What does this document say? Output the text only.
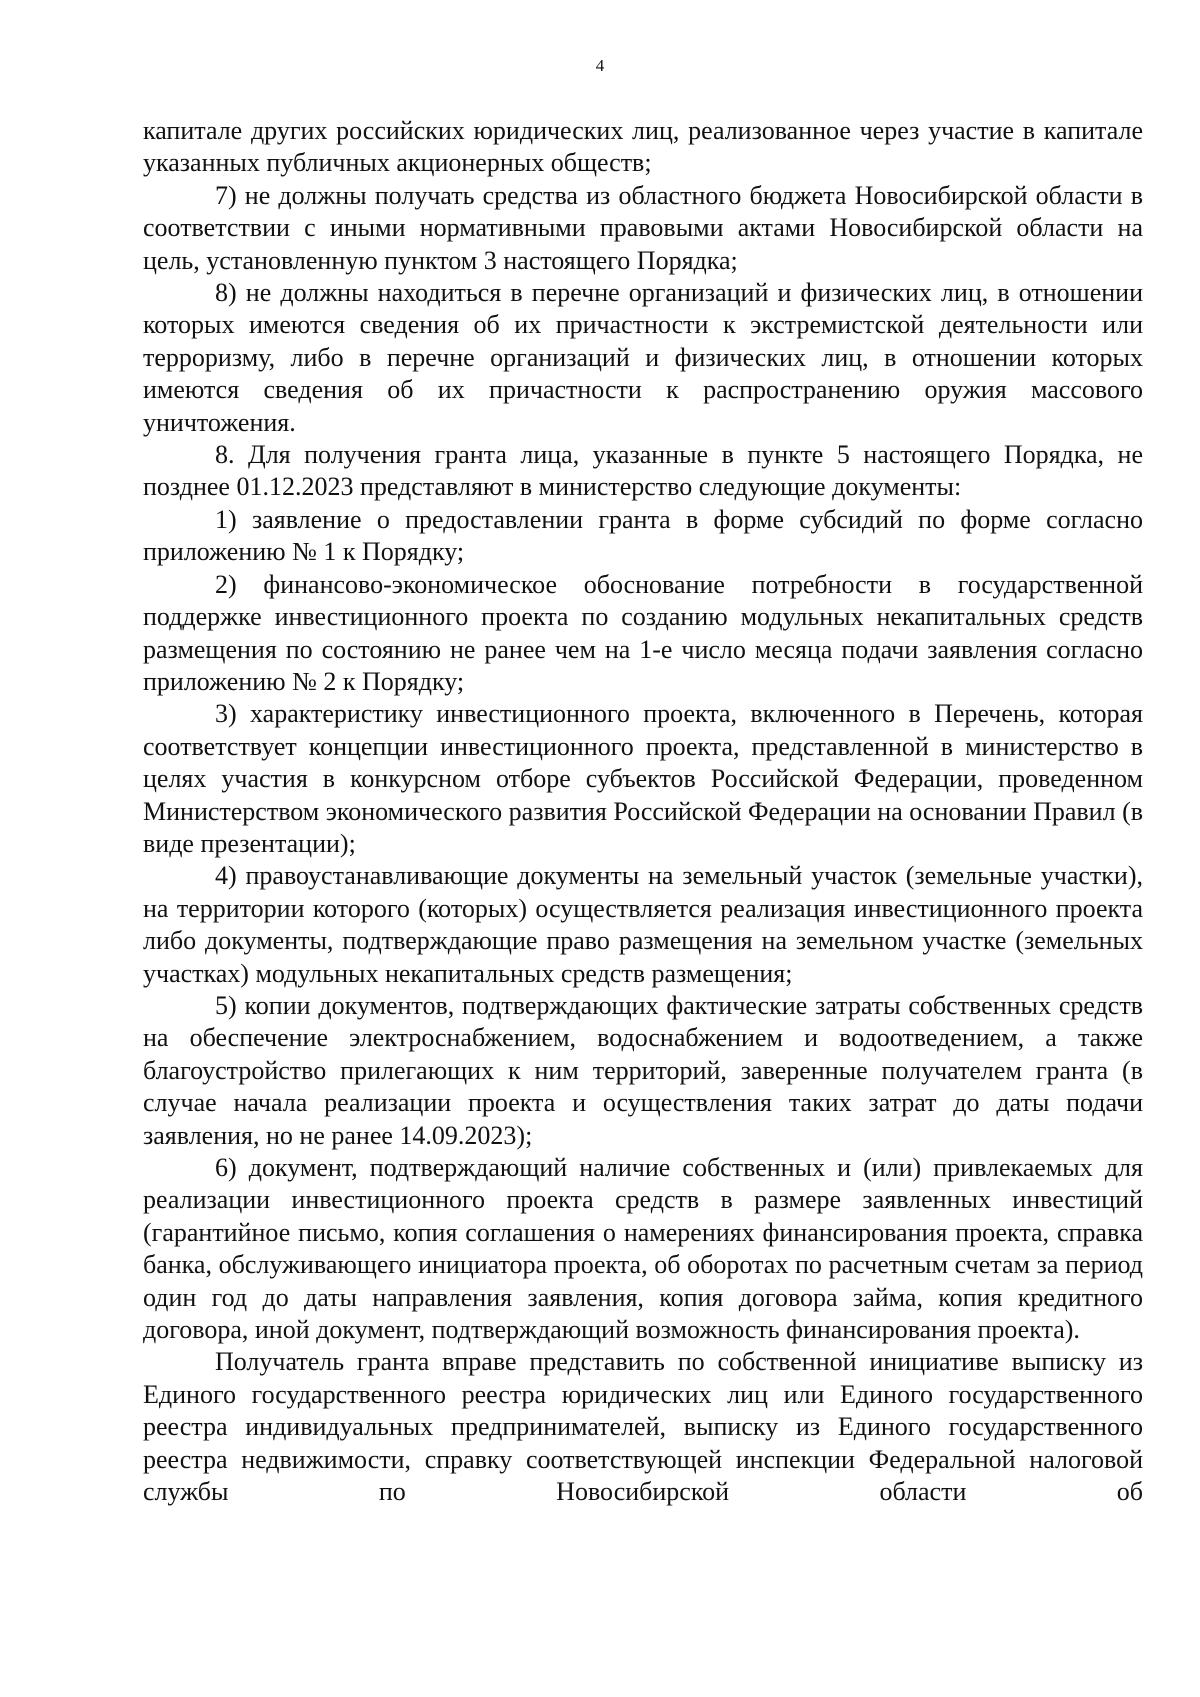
4

капитале других российских юридических лиц, реализованное через участие в капитале указанных публичных акционерных обществ;

7) не должны получать средства из областного бюджета Новосибирской области в соответствии с иными нормативными правовыми актами Новосибирской области на цель, установленную пунктом 3 настоящего Порядка;

8) не должны находиться в перечне организаций и физических лиц, в отношении которых имеются сведения об их причастности к экстремистской деятельности или терроризму, либо в перечне организаций и физических лиц, в отношении которых имеются сведения об их причастности к распространению оружия массового уничтожения.

8. Для получения гранта лица, указанные в пункте 5 настоящего Порядка, не позднее 01.12.2023 представляют в министерство следующие документы:

1) заявление о предоставлении гранта в форме субсидий по форме согласно приложению № 1 к Порядку;

2) финансово-экономическое обоснование потребности в государственной поддержке инвестиционного проекта по созданию модульных некапитальных средств размещения по состоянию не ранее чем на 1-е число месяца подачи заявления согласно приложению № 2 к Порядку;

3) характеристику инвестиционного проекта, включенного в Перечень, которая соответствует концепции инвестиционного проекта, представленной в министерство в целях участия в конкурсном отборе субъектов Российской Федерации, проведенном Министерством экономического развития Российской Федерации на основании Правил (в виде презентации);

4) правоустанавливающие документы на земельный участок (земельные участки), на территории которого (которых) осуществляется реализация инвестиционного проекта либо документы, подтверждающие право размещения на земельном участке (земельных участках) модульных некапитальных средств размещения;

5) копии документов, подтверждающих фактические затраты собственных средств на обеспечение электроснабжением, водоснабжением и водоотведением, а также благоустройство прилегающих к ним территорий, заверенные получателем гранта (в случае начала реализации проекта и осуществления таких затрат до даты подачи заявления, но не ранее 14.09.2023);

6) документ, подтверждающий наличие собственных и (или) привлекаемых для реализации инвестиционного проекта средств в размере заявленных инвестиций (гарантийное письмо, копия соглашения о намерениях финансирования проекта, справка банка, обслуживающего инициатора проекта, об оборотах по расчетным счетам за период один год до даты направления заявления, копия договора займа, копия кредитного договора, иной документ, подтверждающий возможность финансирования проекта).

Получатель гранта вправе представить по собственной инициативе выписку из Единого государственного реестра юридических лиц или Единого государственного реестра индивидуальных предпринимателей, выписку из Единого государственного реестра недвижимости, справку соответствующей инспекции Федеральной налоговой службы по Новосибирской области об
